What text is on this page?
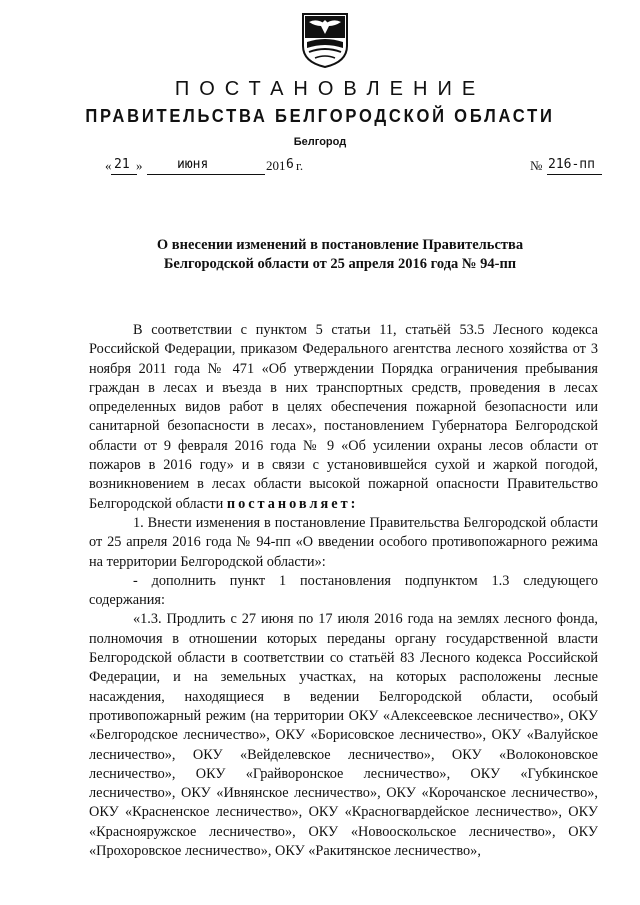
ПОСТАНОВЛЕНИЕ
ПРАВИТЕЛЬСТВА БЕЛГОРОДСКОЙ ОБЛАСТИ
Белгород
« 21 »	июня	201 6 г.	№ 216-пп
О внесении изменений в постановление Правительства
Белгородской области от 25 апреля 2016 года № 94-пп

В соответствии с пунктом 5 статьи 11, статьёй 53.5 Лесного кодекса Российской Федерации, приказом Федерального агентства лесного хозяйства от 3 ноября 2011 года № 471 «Об утверждении Порядка ограничения пребывания граждан в лесах и въезда в них транспортных средств, проведения в лесах определенных видов работ в целях обеспечения пожарной безопасности или санитарной безопасности в лесах», постановлением Губернатора Белгородской области от 9 февраля 2016 года № 9 «Об усилении охраны лесов области от пожаров в 2016 году» и в связи с установившейся сухой и жаркой погодой, возникновением в лесах области высокой пожарной опасности Правительство Белгородской области постановляет:

1. Внести изменения в постановление Правительства Белгородской области от 25 апреля 2016 года № 94-пп «О введении особого противопожарного режима на территории Белгородской области»:

- дополнить пункт 1 постановления подпунктом 1.3 следующего содержания:

«1.3. Продлить с 27 июня по 17 июля 2016 года на землях лесного фонда, полномочия в отношении которых переданы органу государственной власти Белгородской области в соответствии со статьёй 83 Лесного кодекса Российской Федерации, и на земельных участках, на которых расположены лесные насаждения, находящиеся в ведении Белгородской области, особый противопожарный режим (на территории ОКУ «Алексеевское лесничество», ОКУ «Белгородское лесничество», ОКУ «Борисовское лесничество», ОКУ «Валуйское лесничество», ОКУ «Вейделевское лесничество», ОКУ «Волоконовское лесничество», ОКУ «Грайворонское лесничество», ОКУ «Губкинское лесничество», ОКУ «Ивнянское лесничество», ОКУ «Корочанское лесничество», ОКУ «Красненское лесничество», ОКУ «Красногвардейское лесничество», ОКУ «Краснояружское лесничество», ОКУ «Новооскольское лесничество», ОКУ «Прохоровское лесничество», ОКУ «Ракитянское лесничество»,
